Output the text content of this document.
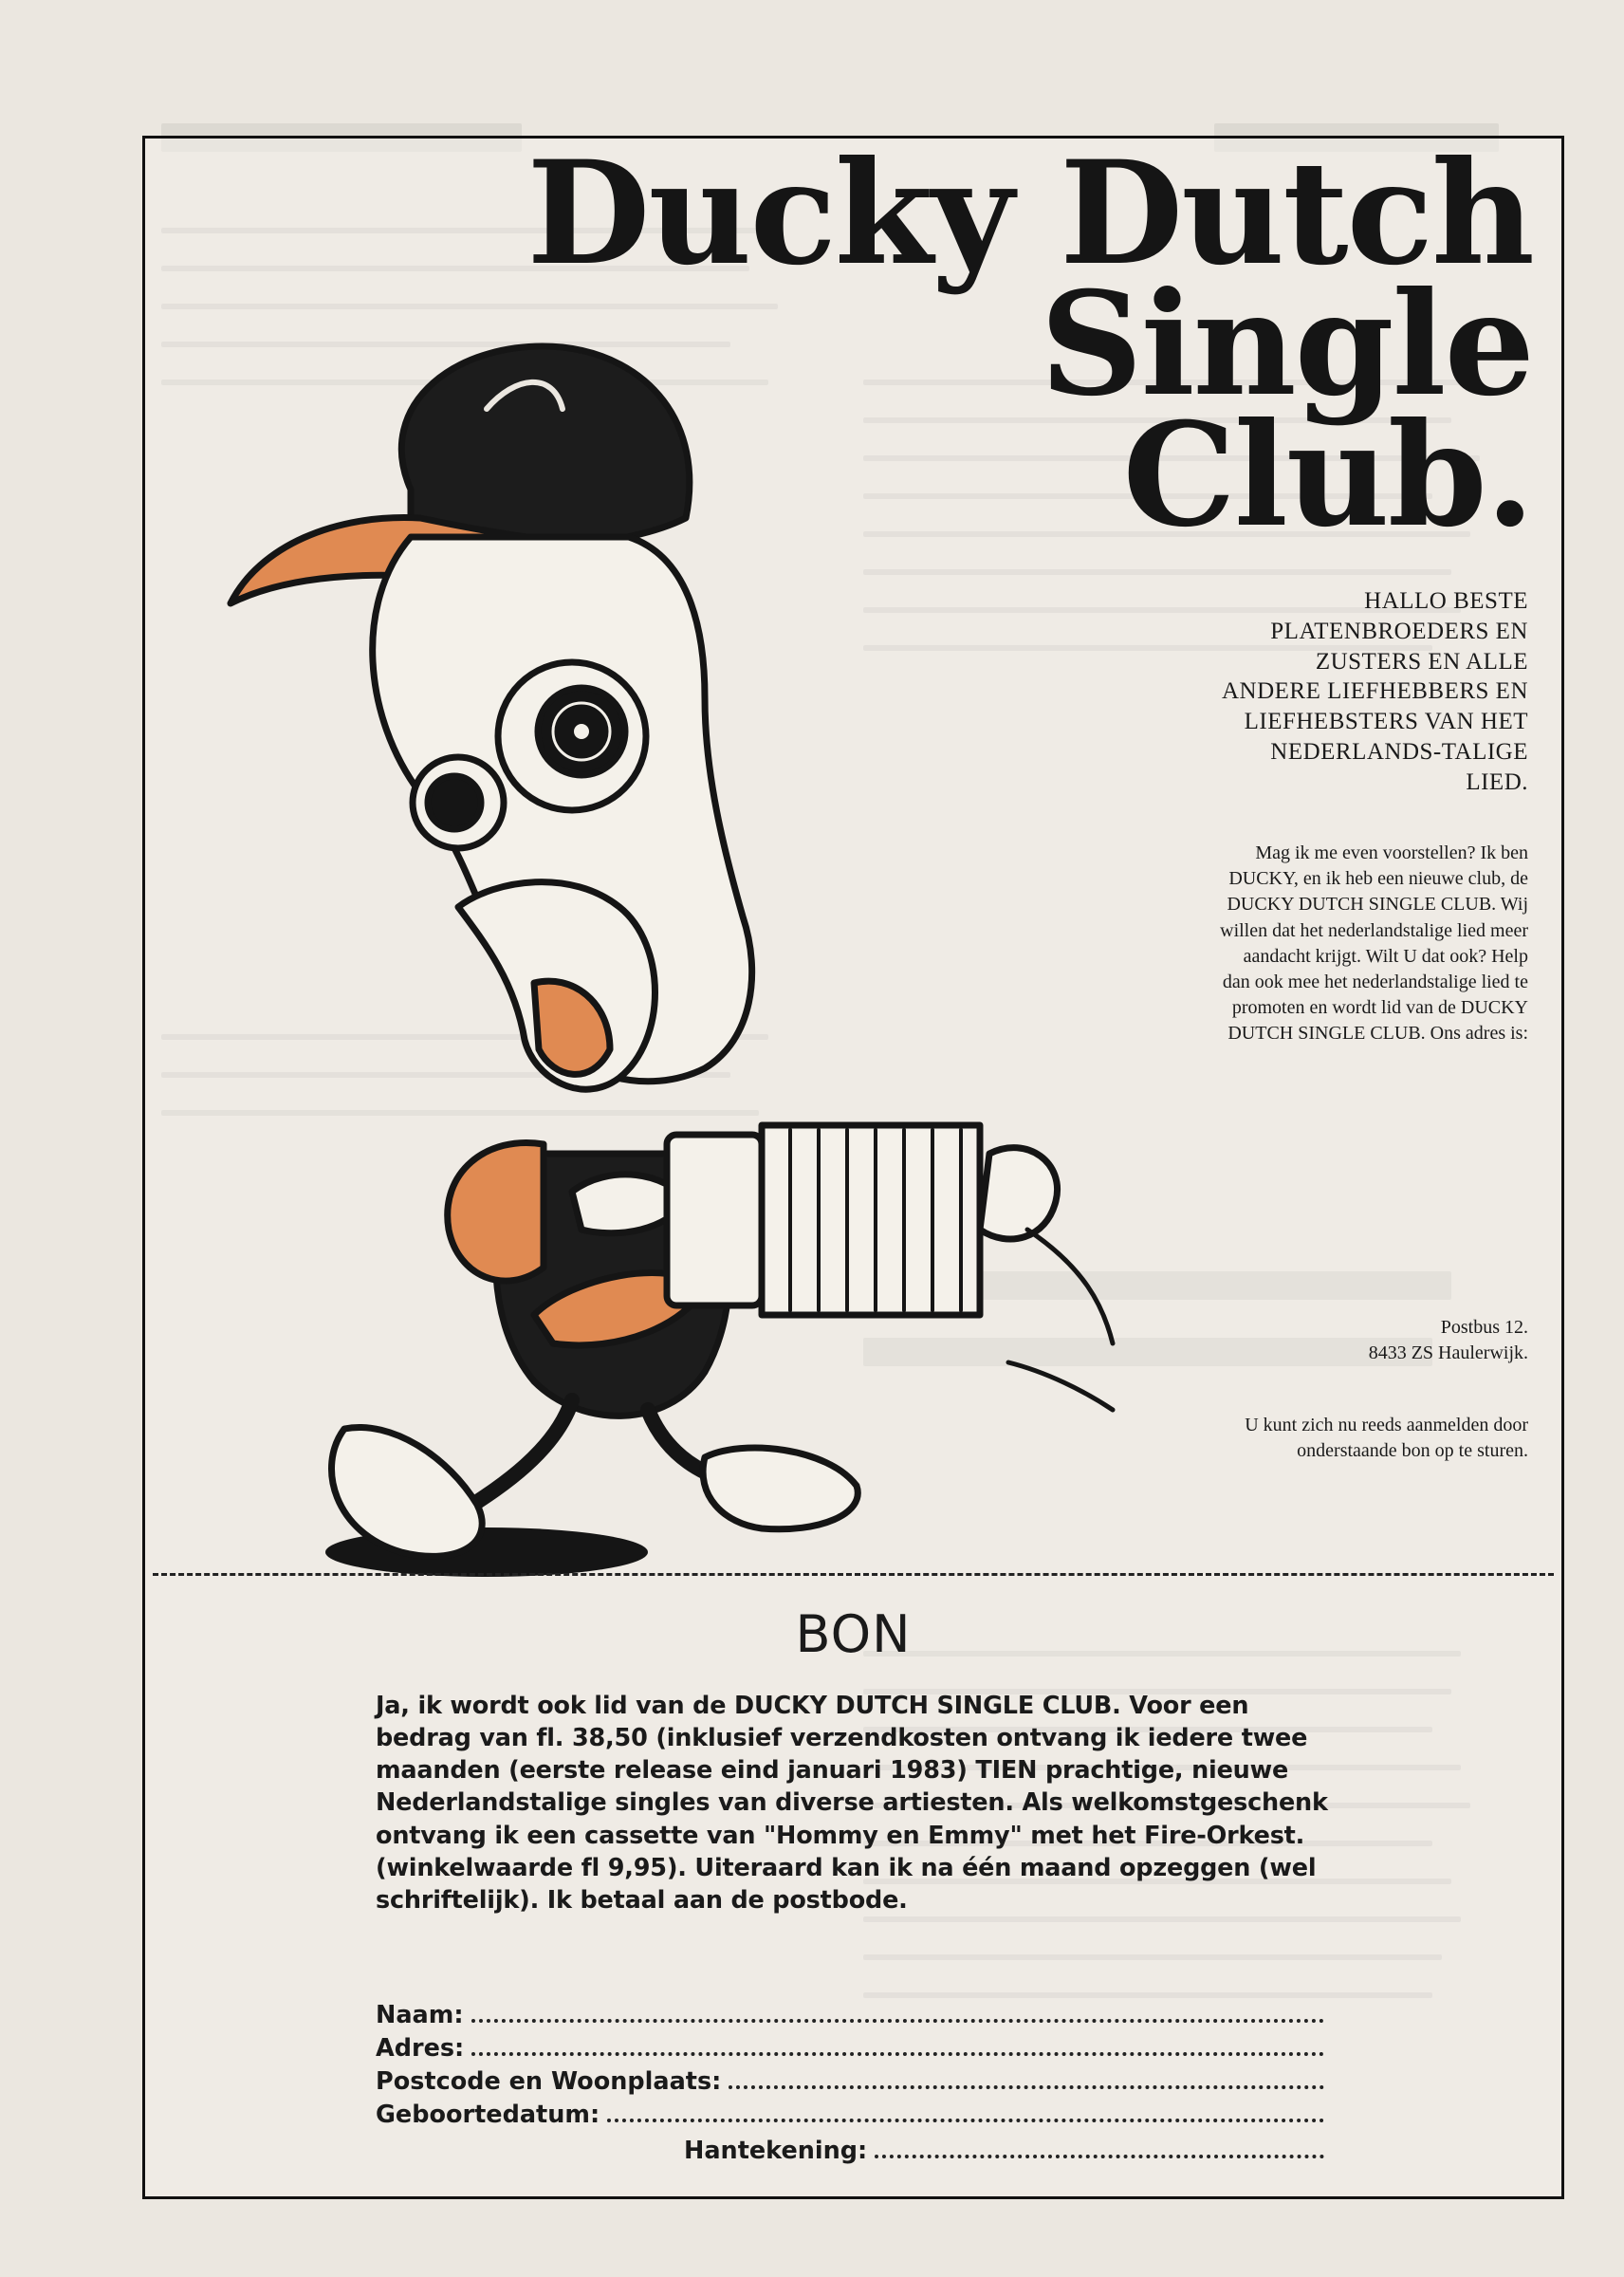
Ducky Dutch
Single
Club.
HALLO BESTE PLATENBROEDERS EN ZUSTERS EN ALLE ANDERE LIEFHEBBERS EN LIEFHEBSTERS VAN HET NEDERLANDS-TALIGE LIED.
Mag ik me even voorstellen? Ik ben DUCKY, en ik heb een nieuwe club, de DUCKY DUTCH SINGLE CLUB. Wij willen dat het nederlandstalige lied meer aandacht krijgt. Wilt U dat ook? Help dan ook mee het nederlandstalige lied te promoten en wordt lid van de DUCKY DUTCH SINGLE CLUB. Ons adres is:
Postbus 12.
8433 ZS Haulerwijk.
U kunt zich nu reeds aanmelden door onderstaande bon op te sturen.
BON
Ja, ik wordt ook lid van de DUCKY DUTCH SINGLE CLUB. Voor een bedrag van fl. 38,50 (inklusief verzendkosten ontvang ik iedere twee maanden (eerste release eind januari 1983) TIEN prachtige, nieuwe Nederlandstalige singles van diverse artiesten. Als welkomstgeschenk ontvang ik een cassette van "Hommy en Emmy" met het Fire-Orkest. (winkelwaarde fl 9,95). Uiteraard kan ik na één maand opzeggen (wel schriftelijk). Ik betaal aan de postbode.
Naam:
Adres:
Postcode en Woonplaats:
Geboortedatum:
Hantekening:
